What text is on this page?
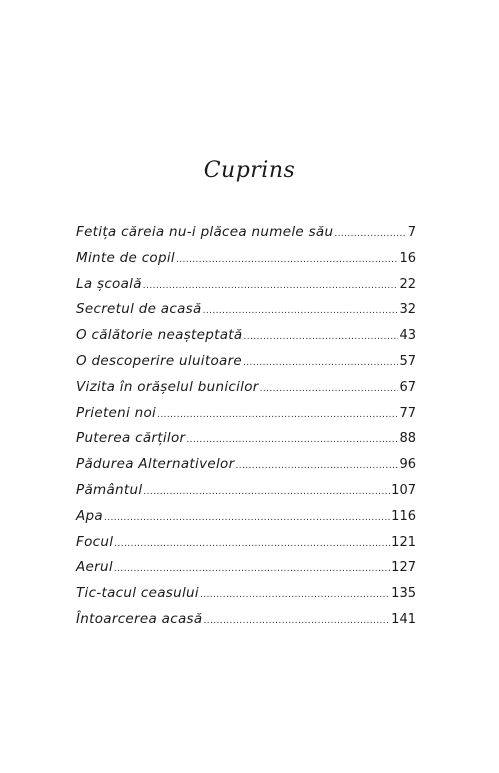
Cuprins
Fetița căreia nu-i plăcea numele său .....	7
Minte de copil .....	16
La școală .....	22
Secretul de acasă .....	32
O călătorie neașteptată .....	43
O descoperire uluitoare .....	57
Vizita în orășelul bunicilor .....	67
Prieteni noi .....	77
Puterea cărților .....	88
Pădurea Alternativelor .....	96
Pământul .....	107
Apa .....	116
Focul .....	121
Aerul .....	127
Tic-tacul ceasului .....	135
Întoarcerea acasă .....	141
